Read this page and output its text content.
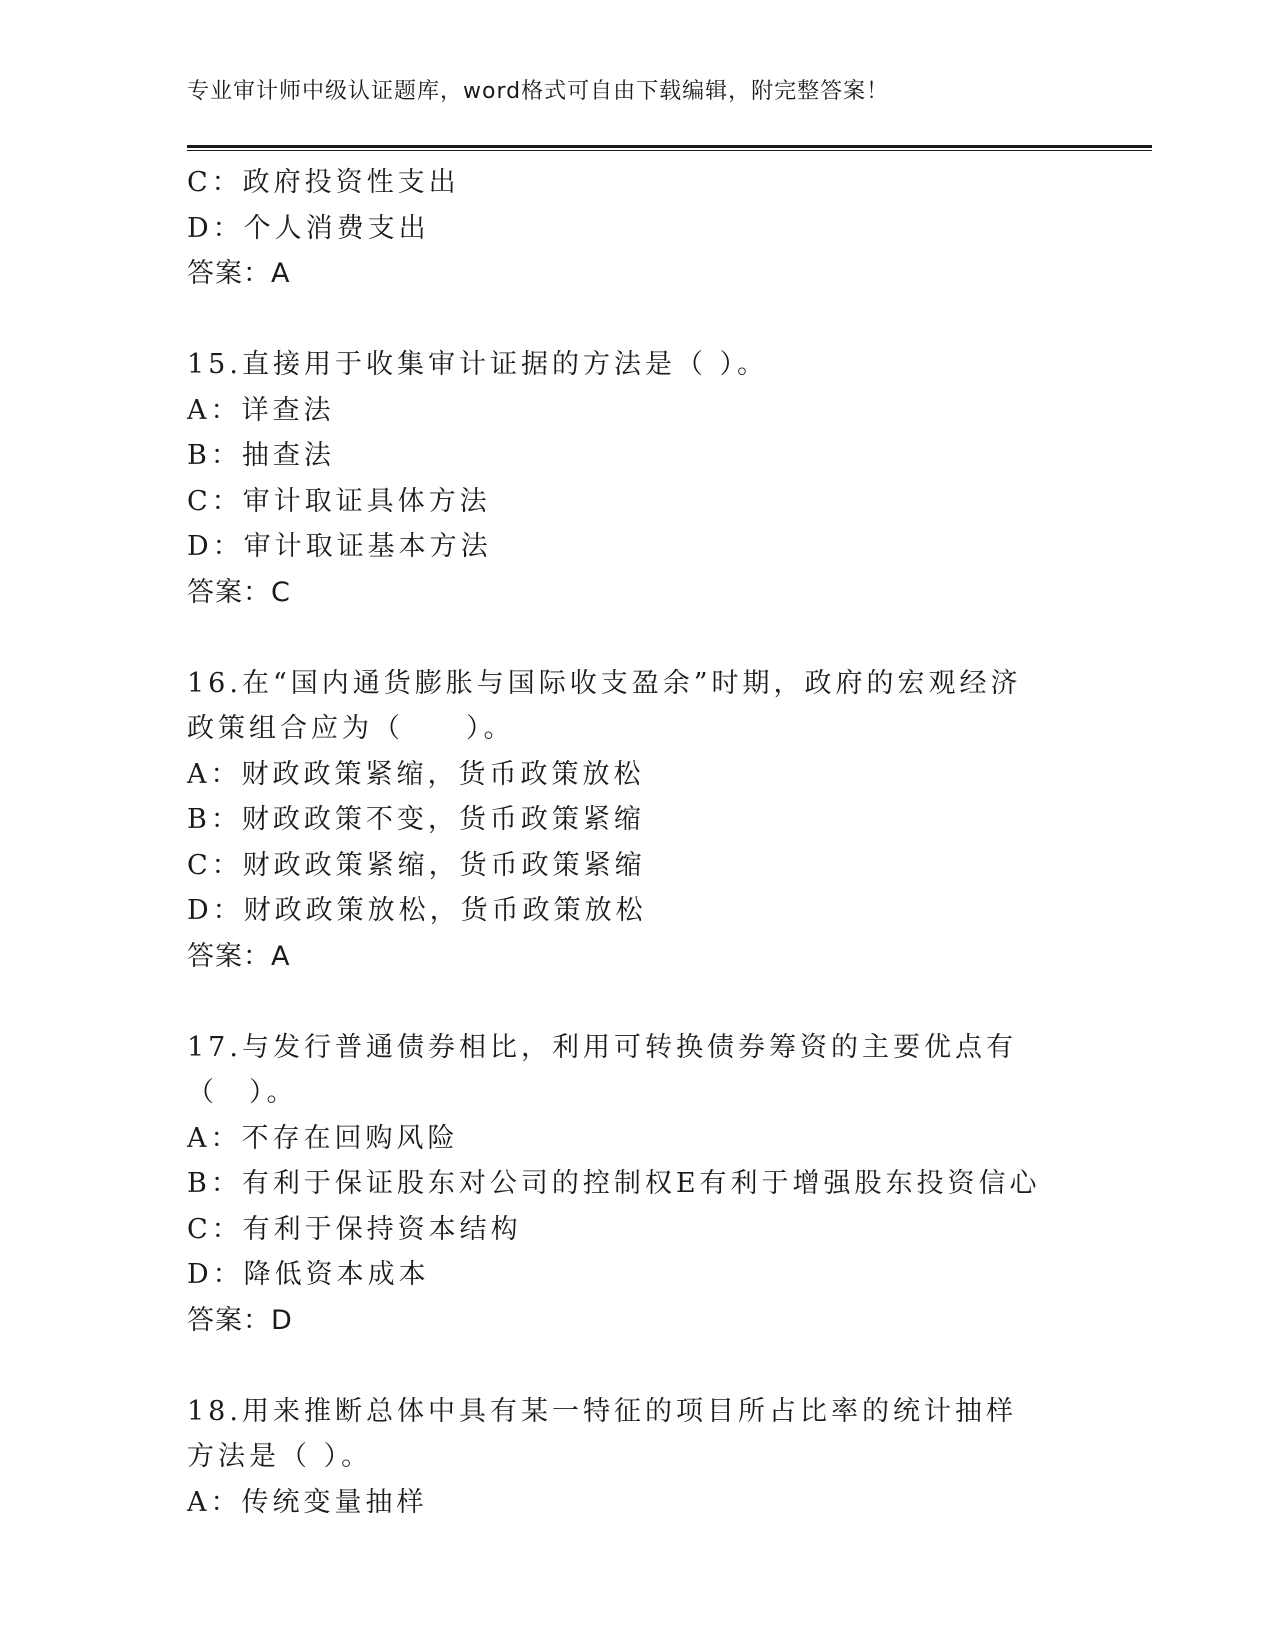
专业审计师中级认证题库，word格式可自由下载编辑，附完整答案！
C：政府投资性支出
D：个人消费支出
答案：A
15.直接用于收集审计证据的方法是（ ）。
A：详查法
B：抽查法
C：审计取证具体方法
D：审计取证基本方法
答案：C
16.在“国内通货膨胀与国际收支盈余”时期，政府的宏观经济政策组合应为（　　）。
A：财政政策紧缩，货币政策放松
B：财政政策不变，货币政策紧缩
C：财政政策紧缩，货币政策紧缩
D：财政政策放松，货币政策放松
答案：A
17.与发行普通债券相比，利用可转换债券筹资的主要优点有（　）。
A：不存在回购风险
B：有利于保证股东对公司的控制权E有利于增强股东投资信心
C：有利于保持资本结构
D：降低资本成本
答案：D
18.用来推断总体中具有某一特征的项目所占比率的统计抽样方法是（ ）。
A：传统变量抽样
